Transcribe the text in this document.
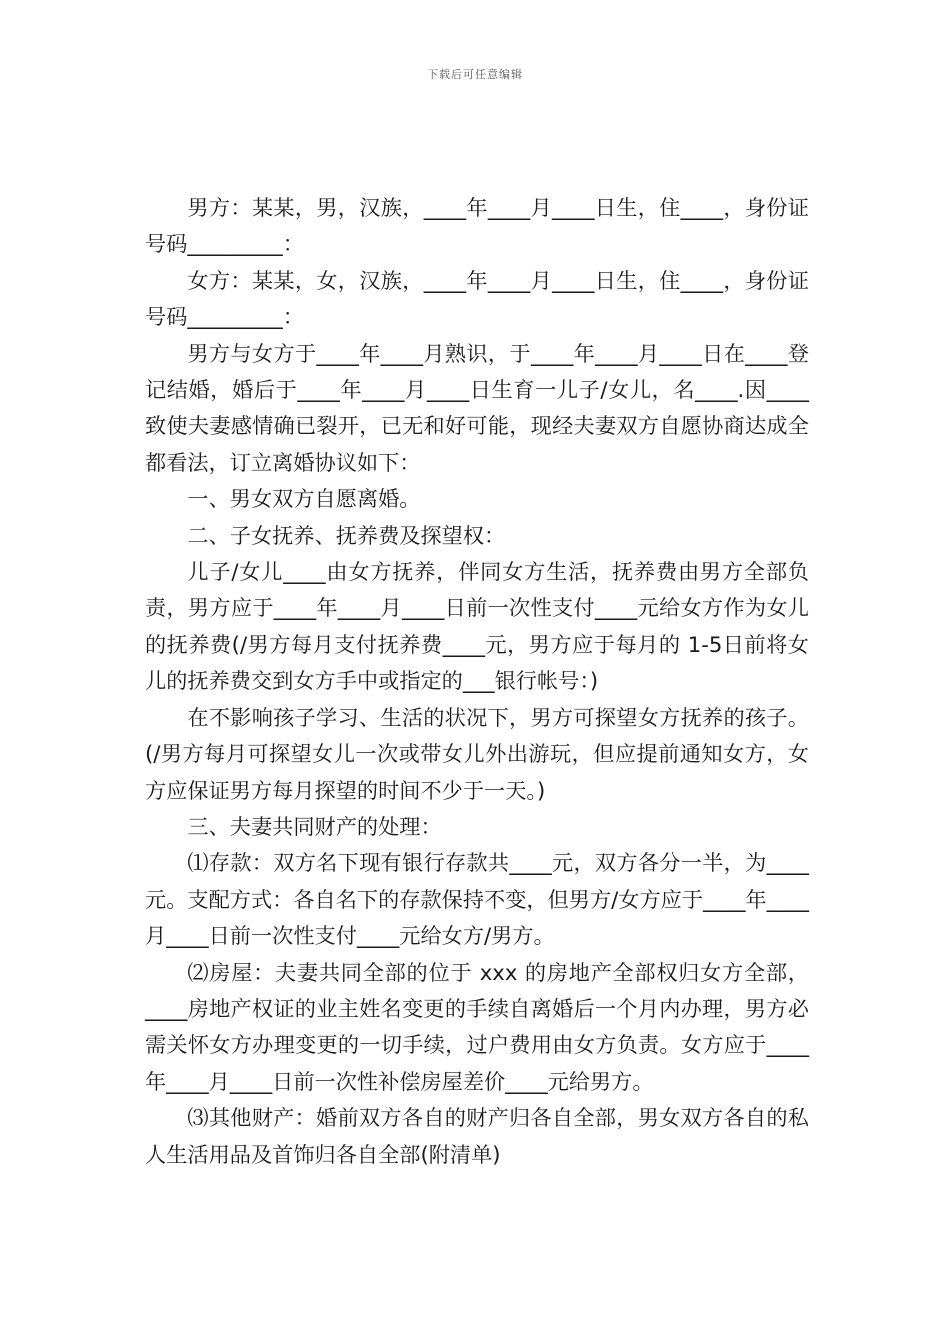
下载后可任意编辑

男方：某某，男，汉族，____年____月____日生，住____，身份证号码_________：

女方：某某，女，汉族，____年____月____日生，住____，身份证号码_________：

男方与女方于____年____月熟识，于____年____月____日在____登记结婚，婚后于____年____月____日生育一儿子/女儿，名____.因____致使夫妻感情确已裂开，已无和好可能，现经夫妻双方自愿协商达成全都看法，订立离婚协议如下：

一、男女双方自愿离婚。

二、子女抚养、抚养费及探望权：

儿子/女儿____由女方抚养，伴同女方生活，抚养费由男方全部负责，男方应于____年____月____日前一次性支付____元给女方作为女儿的抚养费(/男方每月支付抚养费____元，男方应于每月的 1-5日前将女儿的抚养费交到女方手中或指定的___银行帐号：)

在不影响孩子学习、生活的状况下，男方可探望女方抚养的孩子。(/男方每月可探望女儿一次或带女儿外出游玩，但应提前通知女方，女方应保证男方每月探望的时间不少于一天。)

三、夫妻共同财产的处理：

⑴存款：双方名下现有银行存款共____元，双方各分一半，为____元。支配方式：各自名下的存款保持不变，但男方/女方应于____年____月____日前一次性支付____元给女方/男方。

⑵房屋：夫妻共同全部的位于 xxx 的房地产全部权归女方全部，____房地产权证的业主姓名变更的手续自离婚后一个月内办理，男方必需关怀女方办理变更的一切手续，过户费用由女方负责。女方应于____年____月____日前一次性补偿房屋差价____元给男方。

⑶其他财产：婚前双方各自的财产归各自全部，男女双方各自的私人生活用品及首饰归各自全部(附清单)
